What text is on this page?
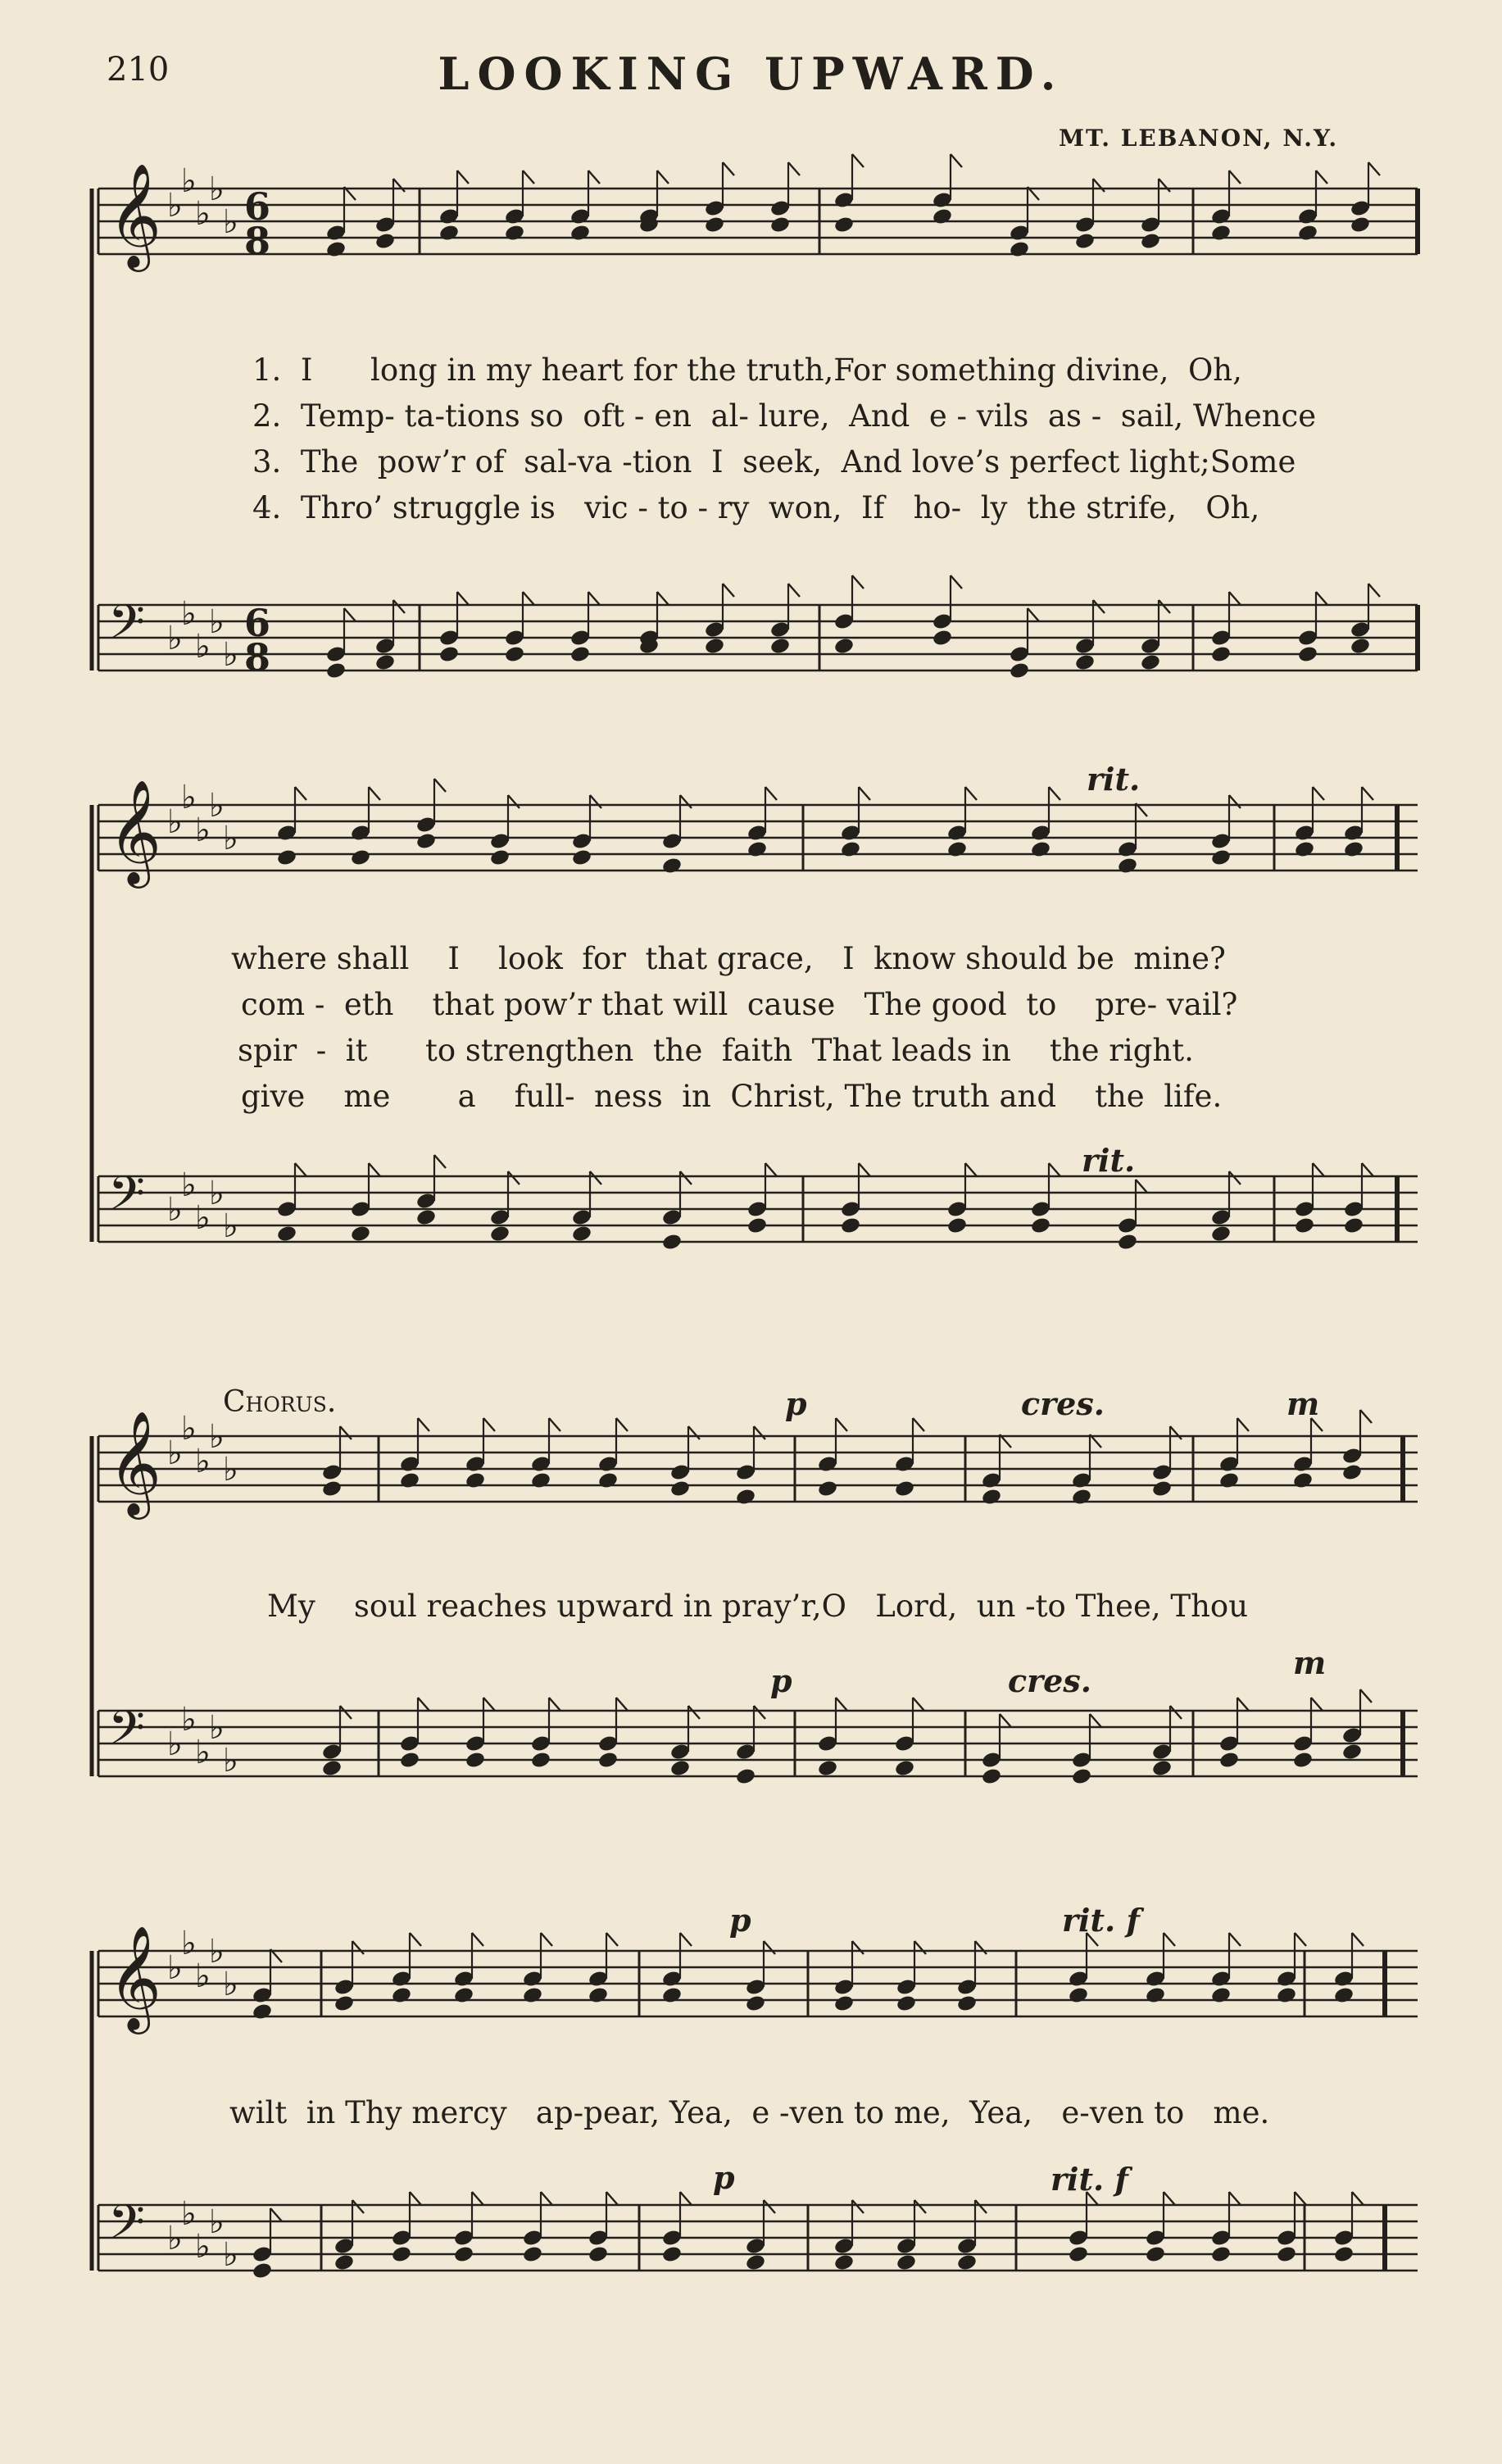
210	LOOKING UPWARD.
MT. LEBANON, N.Y.
𝄞 ♭
♭
♭
♭
♭ 6
8
1.  I      long in my heart for the truth,For something divine,  Oh,
2.  Temp- ta-tions so  oft - en  al- lure,  And  e - vils  as -  sail, Whence
3.  The  pow’r of  sal-va -tion  I  seek,  And love’s perfect light;Some
4.  Thro’ struggle is   vic - to - ry  won,  If   ho-  ly  the strife,   Oh,
𝄢 ♭
♭
♭
♭
♭
6
8
𝄞 ♭
♭
♭
♭
♭
rit.
where shall    I    look  for  that grace,   I  know should be  mine?
com -  eth    that pow’r that will  cause   The good  to    pre- vail?
spir  -  it      to strengthen  the  faith  That leads in    the right.
give    me       a    full-  ness  in  Christ, The truth and    the  life.
rit.
𝄢 ♭
♭
♭
♭
♭
Chorus.	p	cres.	m
𝄞 ♭
♭
♭
♭
♭
My    soul reaches upward in pray’r,O   Lord,  un -to Thee, Thou
p	cres.	m
𝄢 ♭
♭
♭
♭
♭
p	rit. f
𝄞 ♭
♭
♭
♭
♭
wilt  in Thy mercy   ap-pear, Yea,  e -ven to me,  Yea,   e-ven to   me.
p	rit. f
𝄢 ♭
♭
♭
♭
♭
